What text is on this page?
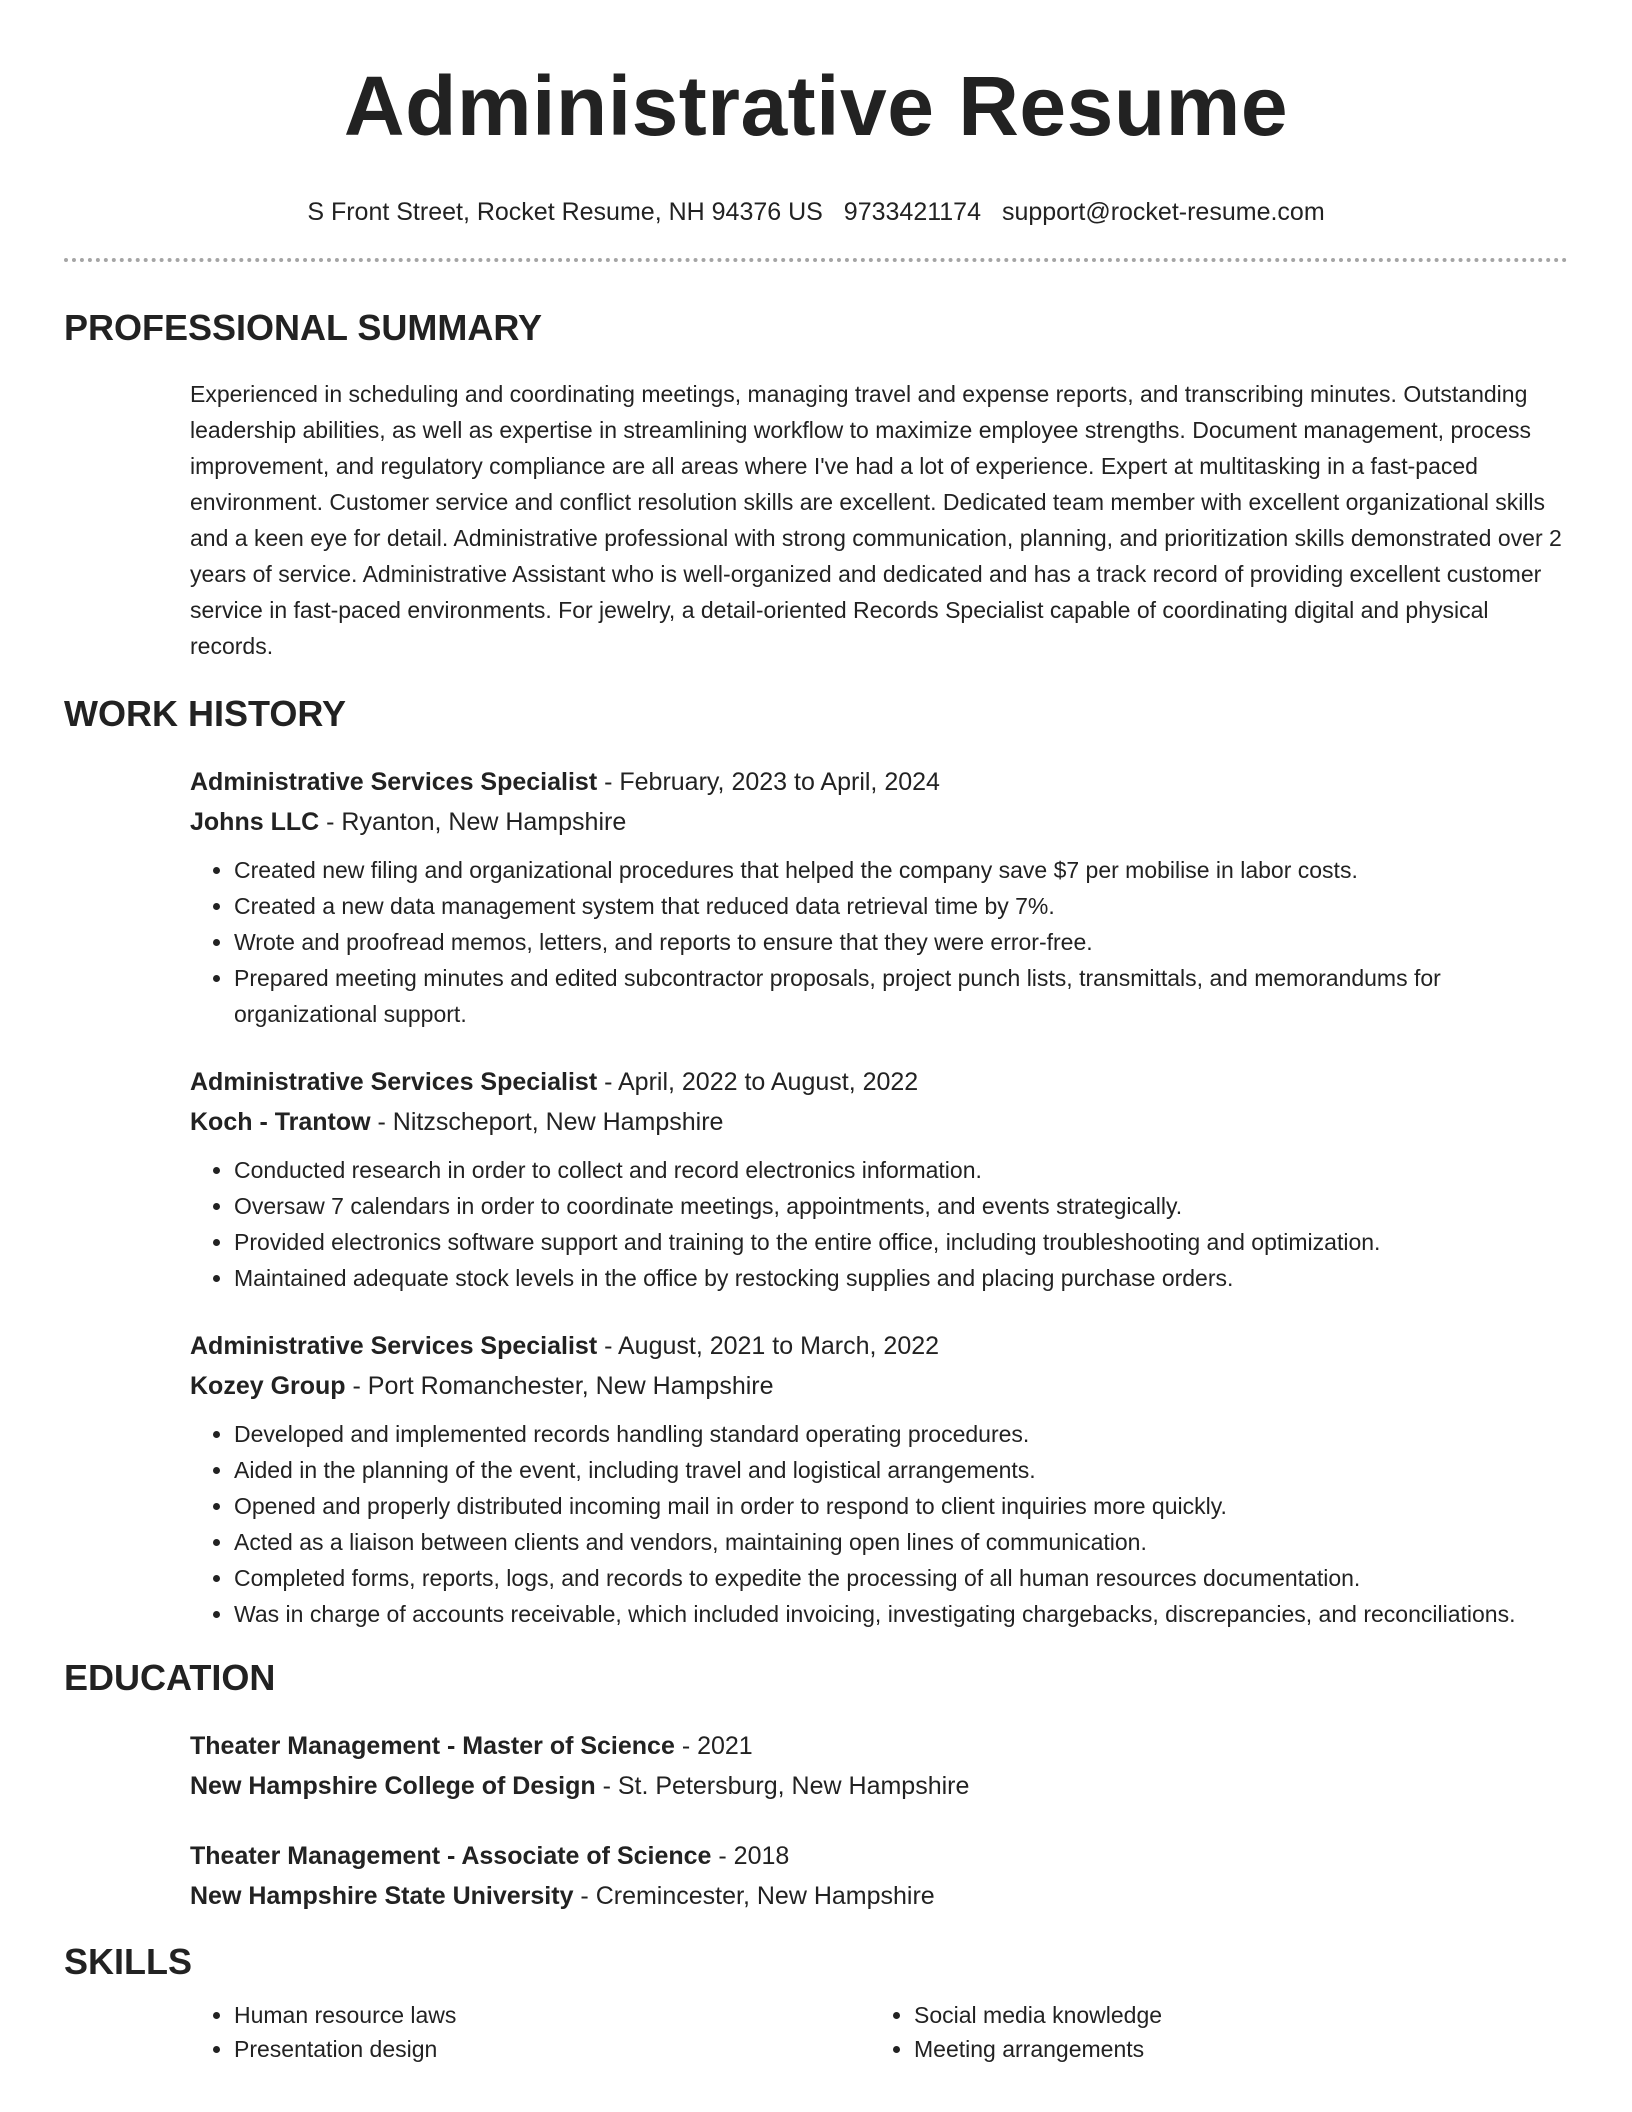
Administrative Resume
S Front Street, Rocket Resume, NH 94376 US 9733421174 support@rocket-resume.com
PROFESSIONAL SUMMARY

Experienced in scheduling and coordinating meetings, managing travel and expense reports, and transcribing minutes. Outstanding leadership abilities, as well as expertise in streamlining workflow to maximize employee strengths. Document management, process improvement, and regulatory compliance are all areas where I've had a lot of experience. Expert at multitasking in a fast-paced environment. Customer service and conflict resolution skills are excellent. Dedicated team member with excellent organizational skills and a keen eye for detail. Administrative professional with strong communication, planning, and prioritization skills demonstrated over 2 years of service. Administrative Assistant who is well-organized and dedicated and has a track record of providing excellent customer service in fast-paced environments. For jewelry, a detail-oriented Records Specialist capable of coordinating digital and physical records.

WORK HISTORY
Administrative Services Specialist - February, 2023 to April, 2024
Johns LLC - Ryanton, New Hampshire
• Created new filing and organizational procedures that helped the company save $7 per mobilise in labor costs.
• Created a new data management system that reduced data retrieval time by 7%.
• Wrote and proofread memos, letters, and reports to ensure that they were error-free.
• Prepared meeting minutes and edited subcontractor proposals, project punch lists, transmittals, and memorandums for organizational support.
Administrative Services Specialist - April, 2022 to August, 2022
Koch - Trantow - Nitzscheport, New Hampshire
• Conducted research in order to collect and record electronics information.
• Oversaw 7 calendars in order to coordinate meetings, appointments, and events strategically.
• Provided electronics software support and training to the entire office, including troubleshooting and optimization.
• Maintained adequate stock levels in the office by restocking supplies and placing purchase orders.
Administrative Services Specialist - August, 2021 to March, 2022
Kozey Group - Port Romanchester, New Hampshire
• Developed and implemented records handling standard operating procedures.
• Aided in the planning of the event, including travel and logistical arrangements.
• Opened and properly distributed incoming mail in order to respond to client inquiries more quickly.
• Acted as a liaison between clients and vendors, maintaining open lines of communication.
• Completed forms, reports, logs, and records to expedite the processing of all human resources documentation.
• Was in charge of accounts receivable, which included invoicing, investigating chargebacks, discrepancies, and reconciliations.
EDUCATION
Theater Management - Master of Science - 2021
New Hampshire College of Design - St. Petersburg, New Hampshire
Theater Management - Associate of Science - 2018
New Hampshire State University - Cremincester, New Hampshire
SKILLS
• Human resource laws
• Presentation design
• Social media knowledge
• Meeting arrangements
